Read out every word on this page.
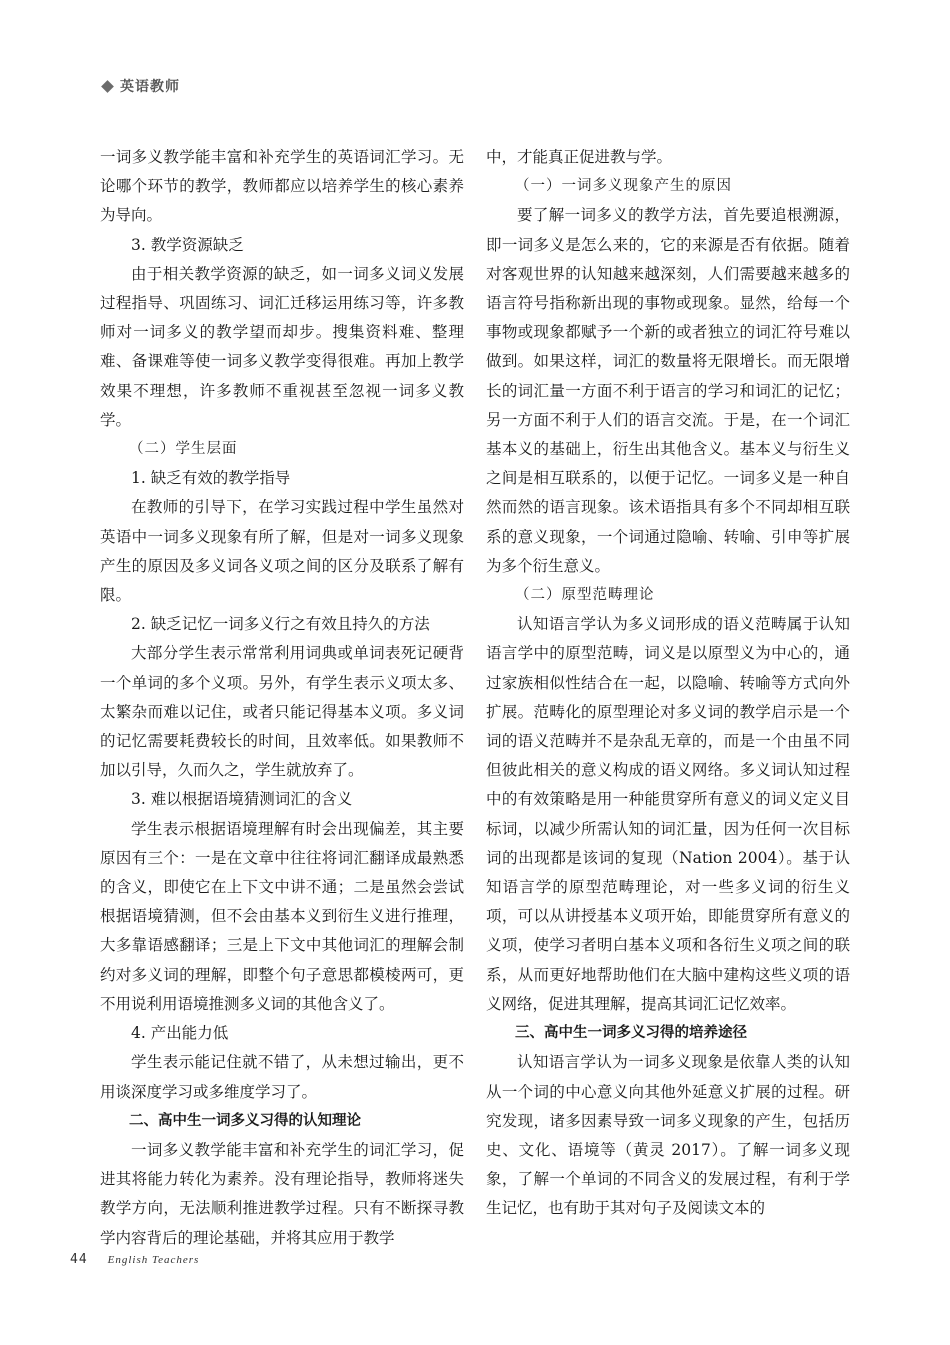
英语教师

一词多义教学能丰富和补充学生的英语词汇学习。无论哪个环节的教学，教师都应以培养学生的核心素养为导向。

3. 教学资源缺乏

由于相关教学资源的缺乏，如一词多义词义发展过程指导、巩固练习、词汇迁移运用练习等，许多教师对一词多义的教学望而却步。搜集资料难、整理难、备课难等使一词多义教学变得很难。再加上教学效果不理想，许多教师不重视甚至忽视一词多义教学。

（二）学生层面

1. 缺乏有效的教学指导

在教师的引导下，在学习实践过程中学生虽然对英语中一词多义现象有所了解，但是对一词多义现象产生的原因及多义词各义项之间的区分及联系了解有限。

2. 缺乏记忆一词多义行之有效且持久的方法

大部分学生表示常常利用词典或单词表死记硬背一个单词的多个义项。另外，有学生表示义项太多、太繁杂而难以记住，或者只能记得基本义项。多义词的记忆需要耗费较长的时间，且效率低。如果教师不加以引导，久而久之，学生就放弃了。

3. 难以根据语境猜测词汇的含义

学生表示根据语境理解有时会出现偏差，其主要原因有三个：一是在文章中往往将词汇翻译成最熟悉的含义，即使它在上下文中讲不通；二是虽然会尝试根据语境猜测，但不会由基本义到衍生义进行推理，大多靠语感翻译；三是上下文中其他词汇的理解会制约对多义词的理解，即整个句子意思都模棱两可，更不用说利用语境推测多义词的其他含义了。

4. 产出能力低

学生表示能记住就不错了，从未想过输出，更不用谈深度学习或多维度学习了。

二、高中生一词多义习得的认知理论

一词多义教学能丰富和补充学生的词汇学习，促进其将能力转化为素养。没有理论指导，教师将迷失教学方向，无法顺利推进教学过程。只有不断探寻教学内容背后的理论基础，并将其应用于教学

中，才能真正促进教与学。

（一）一词多义现象产生的原因

要了解一词多义的教学方法，首先要追根溯源，即一词多义是怎么来的，它的来源是否有依据。随着对客观世界的认知越来越深刻，人们需要越来越多的语言符号指称新出现的事物或现象。显然，给每一个事物或现象都赋予一个新的或者独立的词汇符号难以做到。如果这样，词汇的数量将无限增长。而无限增长的词汇量一方面不利于语言的学习和词汇的记忆；另一方面不利于人们的语言交流。于是，在一个词汇基本义的基础上，衍生出其他含义。基本义与衍生义之间是相互联系的，以便于记忆。一词多义是一种自然而然的语言现象。该术语指具有多个不同却相互联系的意义现象，一个词通过隐喻、转喻、引申等扩展为多个衍生意义。

（二）原型范畴理论

认知语言学认为多义词形成的语义范畴属于认知语言学中的原型范畴，词义是以原型义为中心的，通过家族相似性结合在一起，以隐喻、转喻等方式向外扩展。范畴化的原型理论对多义词的教学启示是一个词的语义范畴并不是杂乱无章的，而是一个由虽不同但彼此相关的意义构成的语义网络。多义词认知过程中的有效策略是用一种能贯穿所有意义的词义定义目标词，以减少所需认知的词汇量，因为任何一次目标词的出现都是该词的复现（Nation 2004）。基于认知语言学的原型范畴理论，对一些多义词的衍生义项，可以从讲授基本义项开始，即能贯穿所有意义的义项，使学习者明白基本义项和各衍生义项之间的联系，从而更好地帮助他们在大脑中建构这些义项的语义网络，促进其理解，提高其词汇记忆效率。

三、高中生一词多义习得的培养途径

认知语言学认为一词多义现象是依靠人类的认知从一个词的中心意义向其他外延意义扩展的过程。研究发现，诸多因素导致一词多义现象的产生，包括历史、文化、语境等（黄灵 2017）。了解一词多义现象，了解一个单词的不同含义的发展过程，有利于学生记忆，也有助于其对句子及阅读文本的

44 English Teachers
